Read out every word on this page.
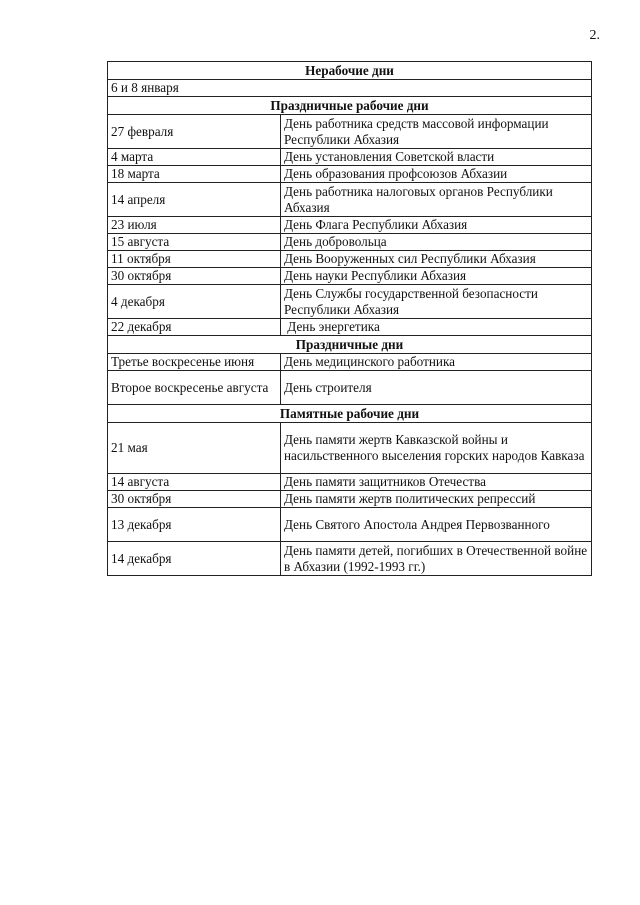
2.
Нерабочие дни	
6 и 8 января	
Праздничные рабочие дни	
27 февраля	День работника средств массовой информации Республики Абхазия
4 марта	День установления Советской власти
18 марта	День образования профсоюзов Абхазии
14 апреля	День работника налоговых органов Республики Абхазия
23 июля	День Флага Республики Абхазия
15 августа	День добровольца
11 октября	День Вооруженных сил Республики Абхазия
30 октября	День науки Республики Абхазия
4 декабря	День Службы государственной безопасности Республики Абхазия
22 декабря	День энергетика
Праздничные дни	
Третье воскресенье июня	День медицинского работника
Второе воскресенье августа	День строителя
Памятные рабочие дни	
21 мая	День памяти жертв Кавказской войны и насильственного выселения горских народов Кавказа
14 августа	День памяти защитников Отечества
30 октября	День памяти жертв политических репрессий
13 декабря	День Святого Апостола Андрея Первозванного
14 декабря	День памяти детей, погибших в Отечественной войне в Абхазии (1992-1993 гг.)
